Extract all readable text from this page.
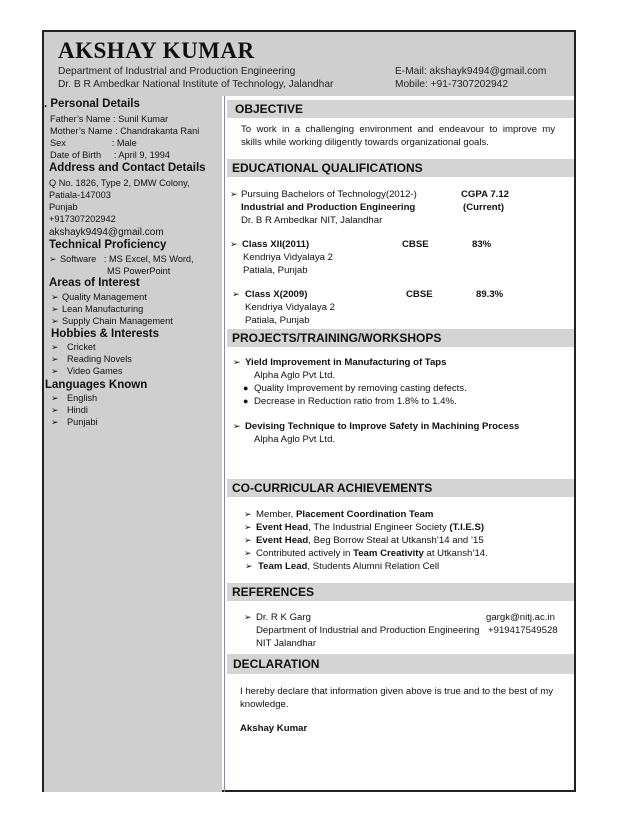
AKSHAY KUMAR
Department of Industrial and Production Engineering
Dr. B R Ambedkar National Institute of Technology, Jalandhar
E-Mail: akshayk9494@gmail.com
Mobile: +91-7307202942
. Personal Details
Father’s Name : Sunil Kumar
Mother’s Name : Chandrakanta Rani
Sex                  : Male
Date of Birth     : April 9, 1994
Address and Contact Details
Q No. 1826, Type 2, DMW Colony,
Patiala-147003
Punjab
+917307202942
akshayk9494@gmail.com
Technical Proficiency
➢ Software   : MS Excel, MS Word,
MS PowerPoint
Areas of Interest
➢ Quality Management
➢ Lean Manufacturing
➢ Supply Chain Management
Hobbies & Interests
➢ Cricket
➢ Reading Novels
➢ Video Games
Languages Known
➢ English
➢ Hindi
➢ Punjabi
OBJECTIVE
To  work  in  a  challenging  environment  and  endeavour  to  improve  my
skills while working diligently towards organizational goals.
EDUCATIONAL QUALIFICATIONS
➢ Pursuing Bachelors of Technology(2012-)	CGPA 7.12
Industrial and Production Engineering	(Current)
Dr. B R Ambedkar NIT, Jalandhar
➢ Class XII(2011)	CBSE	83%
Kendriya Vidyalaya 2
Patiala, Punjab
➢ Class X(2009)	CBSE	89.3%
Kendriya Vidyalaya 2
Patiala, Punjab
PROJECTS/TRAINING/WORKSHOPS
➢ Yield Improvement in Manufacturing of Taps
Alpha Aglo Pvt Ltd.
● Quality Improvement by removing casting defects.
● Decrease in Reduction ratio from 1.8% to 1.4%.
➢ Devising Technique to Improve Safety in Machining Process
Alpha Aglo Pvt Ltd.
CO-CURRICULAR ACHIEVEMENTS
➢ Member, Placement Coordination Team
➢ Event Head, The Industrial Engineer Society (T.I.E.S)
➢ Event Head, Beg Borrow Steal at Utkansh’14 and ’15
➢ Contributed actively in Team Creativity at Utkansh’14.
➢ Team Lead, Students Alumni Relation Cell
REFERENCES
➢ Dr. R K Garg	gargk@nitj.ac.in
Department of Industrial and Production Engineering +919417549528
NIT Jalandhar
DECLARATION
I hereby declare that information given above is true and to the best of my
knowledge.
Akshay Kumar
